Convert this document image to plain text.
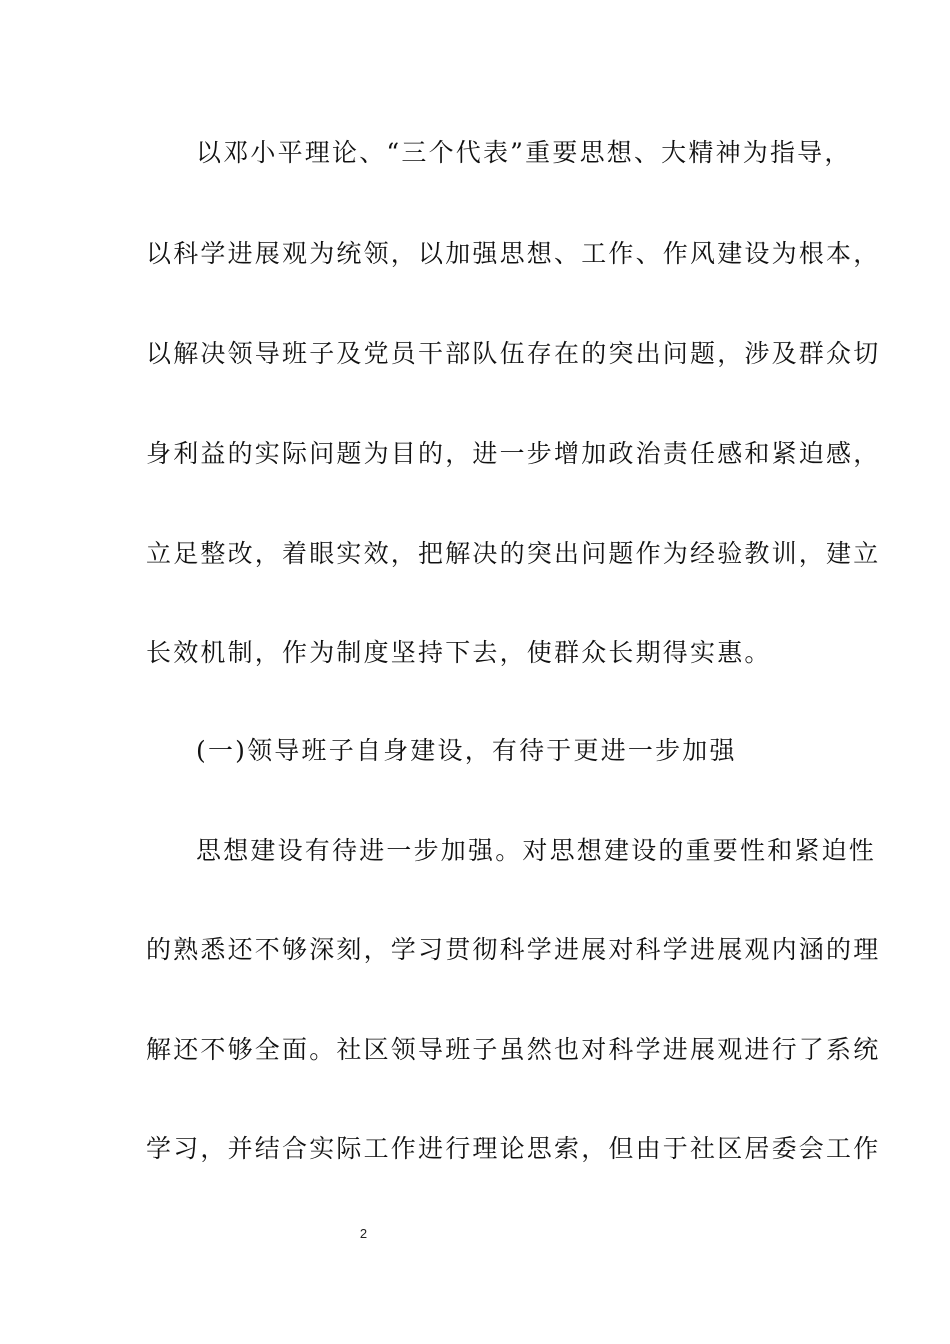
以邓小平理论、“三个代表”重要思想、大精神为指导，
以科学进展观为统领，以加强思想、工作、作风建设为根本，
以解决领导班子及党员干部队伍存在的突出问题，涉及群众切
身利益的实际问题为目的，进一步增加政治责任感和紧迫感，
立足整改，着眼实效，把解决的突出问题作为经验教训，建立
长效机制，作为制度坚持下去，使群众长期得实惠。
(一)领导班子自身建设，有待于更进一步加强
思想建设有待进一步加强。对思想建设的重要性和紧迫性
的熟悉还不够深刻，学习贯彻科学进展对科学进展观内涵的理
解还不够全面。社区领导班子虽然也对科学进展观进行了系统
学习，并结合实际工作进行理论思索，但由于社区居委会工作
2
